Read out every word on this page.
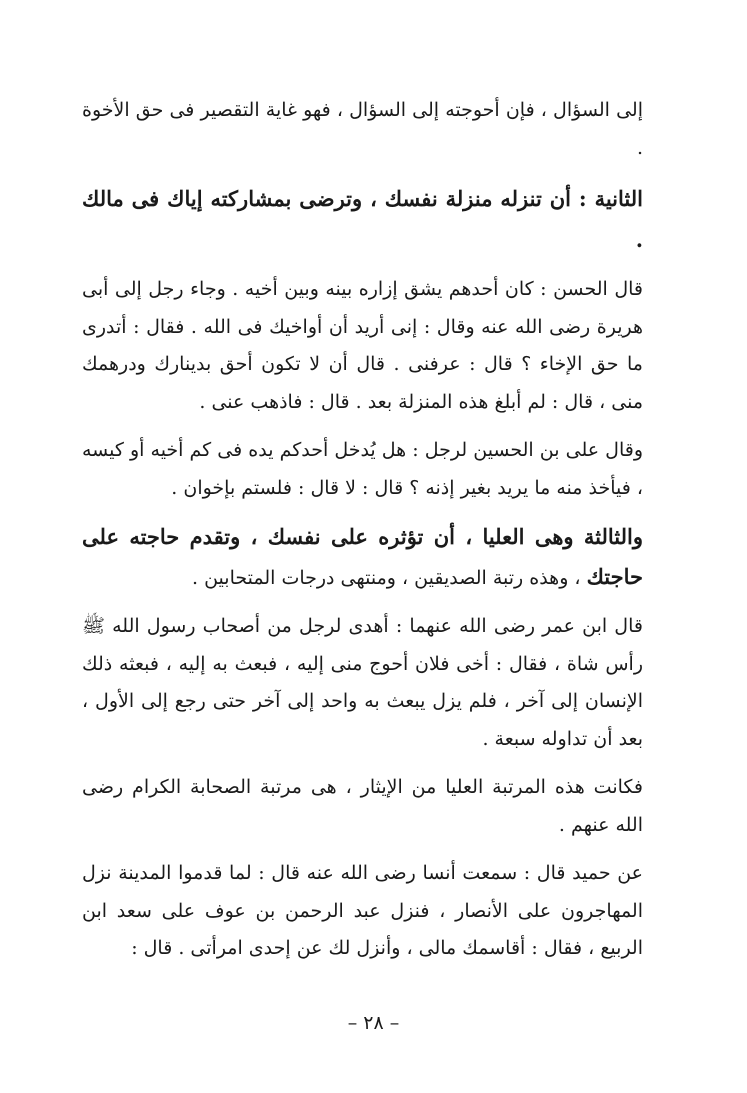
إلى السؤال ، فإن أحوجته إلى السؤال ، فهو غاية التقصير فى حق الأخوة .

الثانية : أن تنزله منزلة نفسك ، وترضى بمشاركته إياك فى مالك .

قال الحسن : كان أحدهم يشق إزاره بينه وبين أخيه . وجاء رجل إلى أبى هريرة رضى الله عنه وقال : إنى أريد أن أواخيك فى الله . فقال : أتدرى ما حق الإخاء ؟ قال : عرفنى . قال أن لا تكون أحق بدينارك ودرهمك منى ، قال : لم أبلغ هذه المنزلة بعد . قال : فاذهب عنى .

وقال على بن الحسين لرجل : هل يُدخل أحدكم يده فى كم أخيه أو كيسه ، فيأخذ منه ما يريد بغير إذنه ؟ قال : لا قال : فلستم بإخوان .

والثالثة وهى العليا ، أن تؤثره على نفسك ، وتقدم حاجته على حاجتك ، وهذه رتبة الصديقين ، ومنتهى درجات المتحابين .

قال ابن عمر رضى الله عنهما : أهدى لرجل من أصحاب رسول الله ﷺ رأس شاة ، فقال : أخى فلان أحوج منى إليه ، فبعث به إليه ، فبعثه ذلك الإنسان إلى آخر ، فلم يزل يبعث به واحد إلى آخر حتى رجع إلى الأول ، بعد أن تداوله سبعة .

فكانت هذه المرتبة العليا من الإيثار ، هى مرتبة الصحابة الكرام رضى الله عنهم .

عن حميد قال : سمعت أنسا رضى الله عنه قال : لما قدموا المدينة نزل المهاجرون على الأنصار ، فنزل عبد الرحمن بن عوف على سعد ابن الربيع ، فقال : أقاسمك مالى ، وأنزل لك عن إحدى امرأتى . قال :

– ٢٨ –
